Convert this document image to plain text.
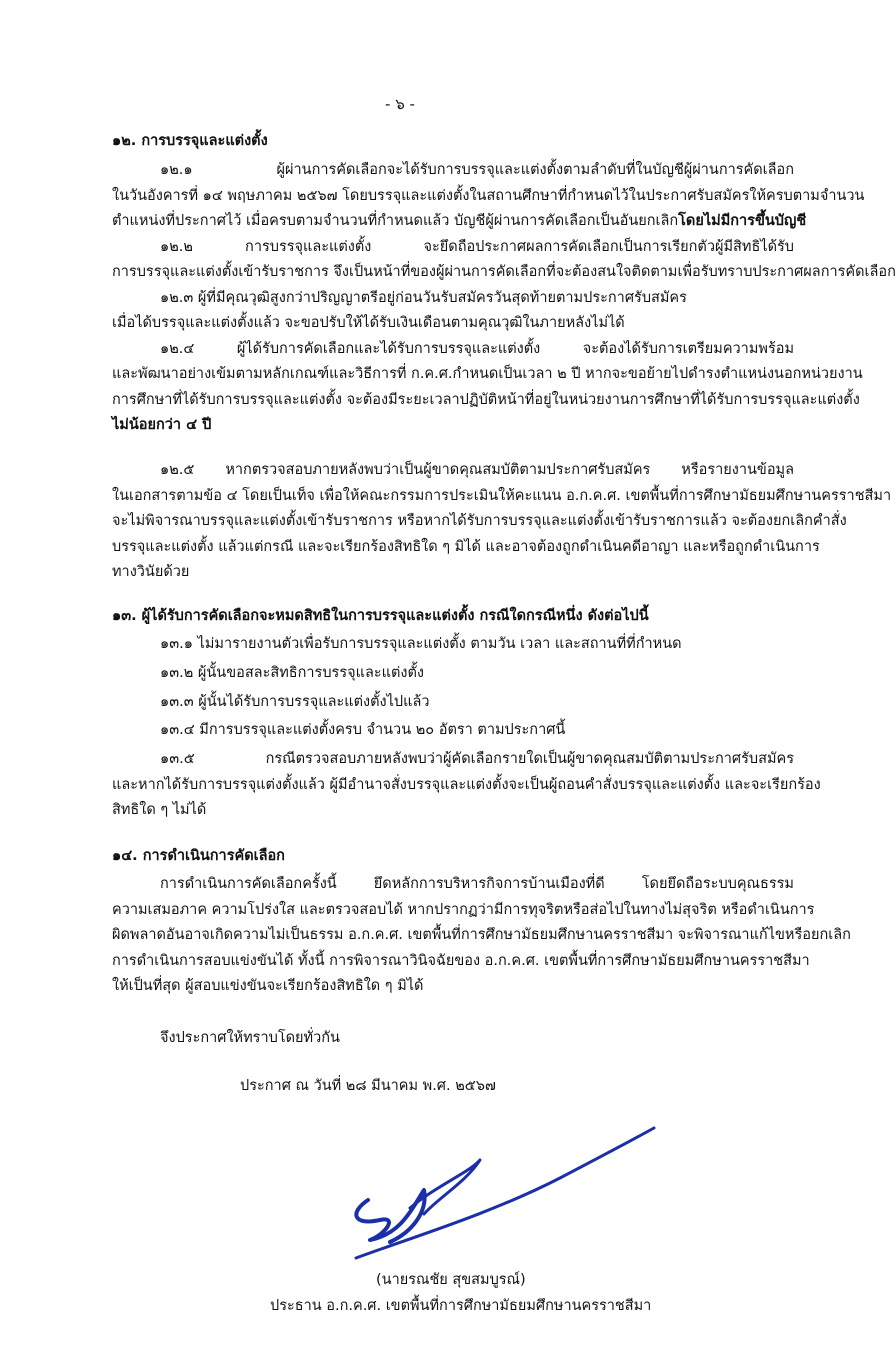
- ๖ -
๑๒. การบรรจุและแต่งตั้ง
๑๒.๑ ผู้ผ่านการคัดเลือกจะได้รับการบรรจุและแต่งตั้งตามลำดับที่ในบัญชีผู้ผ่านการคัดเลือก
ในวันอังคารที่ ๑๔ พฤษภาคม ๒๕๖๗ โดยบรรจุและแต่งตั้งในสถานศึกษาที่กำหนดไว้ในประกาศรับสมัครให้ครบตามจำนวน
ตำแหน่งที่ประกาศไว้ เมื่อครบตามจำนวนที่กำหนดแล้ว บัญชีผู้ผ่านการคัดเลือกเป็นอันยกเลิก โดยไม่มีการขึ้นบัญชี
๑๒.๒ การบรรจุและแต่งตั้ง จะยึดถือประกาศผลการคัดเลือกเป็นการเรียกตัวผู้มีสิทธิได้รับ
การบรรจุและแต่งตั้งเข้ารับราชการ จึงเป็นหน้าที่ของผู้ผ่านการคัดเลือกที่จะต้องสนใจติดตามเพื่อรับทราบประกาศผลการคัดเลือก
๑๒.๓ ผู้ที่มีคุณวุฒิสูงกว่าปริญญาตรีอยู่ก่อนวันรับสมัครวันสุดท้ายตามประกาศรับสมัคร
เมื่อได้บรรจุและแต่งตั้งแล้ว จะขอปรับให้ได้รับเงินเดือนตามคุณวุฒิในภายหลังไม่ได้
๑๒.๔ ผู้ได้รับการคัดเลือกและได้รับการบรรจุและแต่งตั้ง จะต้องได้รับการเตรียมความพร้อม
และพัฒนาอย่างเข้มตามหลักเกณฑ์และวิธีการที่ ก.ค.ศ.กำหนดเป็นเวลา ๒ ปี หากจะขอย้ายไปดำรงตำแหน่งนอกหน่วยงาน
การศึกษาที่ได้รับการบรรจุและแต่งตั้ง จะต้องมีระยะเวลาปฏิบัติหน้าที่อยู่ในหน่วยงานการศึกษาที่ได้รับการบรรจุและแต่งตั้ง
ไม่น้อยกว่า ๔ ปี
๑๒.๕ หากตรวจสอบภายหลังพบว่าเป็นผู้ขาดคุณสมบัติตามประกาศรับสมัคร หรือรายงานข้อมูล
ในเอกสารตามข้อ ๔ โดยเป็นเท็จ เพื่อให้คณะกรรมการประเมินให้คะแนน อ.ก.ค.ศ. เขตพื้นที่การศึกษามัธยมศึกษานครราชสีมา
จะไม่พิจารณาบรรจุและแต่งตั้งเข้ารับราชการ หรือหากได้รับการบรรจุและแต่งตั้งเข้ารับราชการแล้ว จะต้องยกเลิกคำสั่ง
บรรจุและแต่งตั้ง แล้วแต่กรณี และจะเรียกร้องสิทธิใด ๆ มิได้ และอาจต้องถูกดำเนินคดีอาญา และหรือถูกดำเนินการ
ทางวินัยด้วย
๑๓. ผู้ได้รับการคัดเลือกจะหมดสิทธิในการบรรจุและแต่งตั้ง กรณีใดกรณีหนึ่ง ดังต่อไปนี้
๑๓.๑ ไม่มารายงานตัวเพื่อรับการบรรจุและแต่งตั้ง ตามวัน เวลา และสถานที่ที่กำหนด
๑๓.๒ ผู้นั้นขอสละสิทธิการบรรจุและแต่งตั้ง
๑๓.๓ ผู้นั้นได้รับการบรรจุและแต่งตั้งไปแล้ว
๑๓.๔ มีการบรรจุและแต่งตั้งครบ จำนวน ๒๐ อัตรา ตามประกาศนี้
๑๓.๕ กรณีตรวจสอบภายหลังพบว่าผู้คัดเลือกรายใดเป็นผู้ขาดคุณสมบัติตามประกาศรับสมัคร
และหากได้รับการบรรจุแต่งตั้งแล้ว ผู้มีอำนาจสั่งบรรจุและแต่งตั้งจะเป็นผู้ถอนคำสั่งบรรจุและแต่งตั้ง และจะเรียกร้อง
สิทธิใด ๆ ไม่ได้
๑๔. การดำเนินการคัดเลือก
การดำเนินการคัดเลือกครั้งนี้ ยึดหลักการบริหารกิจการบ้านเมืองที่ดี โดยยึดถือระบบคุณธรรม
ความเสมอภาค ความโปร่งใส และตรวจสอบได้ หากปรากฏว่ามีการทุจริตหรือส่อไปในทางไม่สุจริต หรือดำเนินการ
ผิดพลาดอันอาจเกิดความไม่เป็นธรรม อ.ก.ค.ศ. เขตพื้นที่การศึกษามัธยมศึกษานครราชสีมา จะพิจารณาแก้ไขหรือยกเลิก
การดำเนินการสอบแข่งขันได้ ทั้งนี้ การพิจารณาวินิจฉัยของ อ.ก.ค.ศ. เขตพื้นที่การศึกษามัธยมศึกษานครราชสีมา
ให้เป็นที่สุด ผู้สอบแข่งขันจะเรียกร้องสิทธิใด ๆ มิได้
จึงประกาศให้ทราบโดยทั่วกัน
ประกาศ ณ วันที่ ๒๘ มีนาคม พ.ศ. ๒๕๖๗
(นายรณชัย สุขสมบูรณ์)
ประธาน อ.ก.ค.ศ. เขตพื้นที่การศึกษามัธยมศึกษานครราชสีมา
